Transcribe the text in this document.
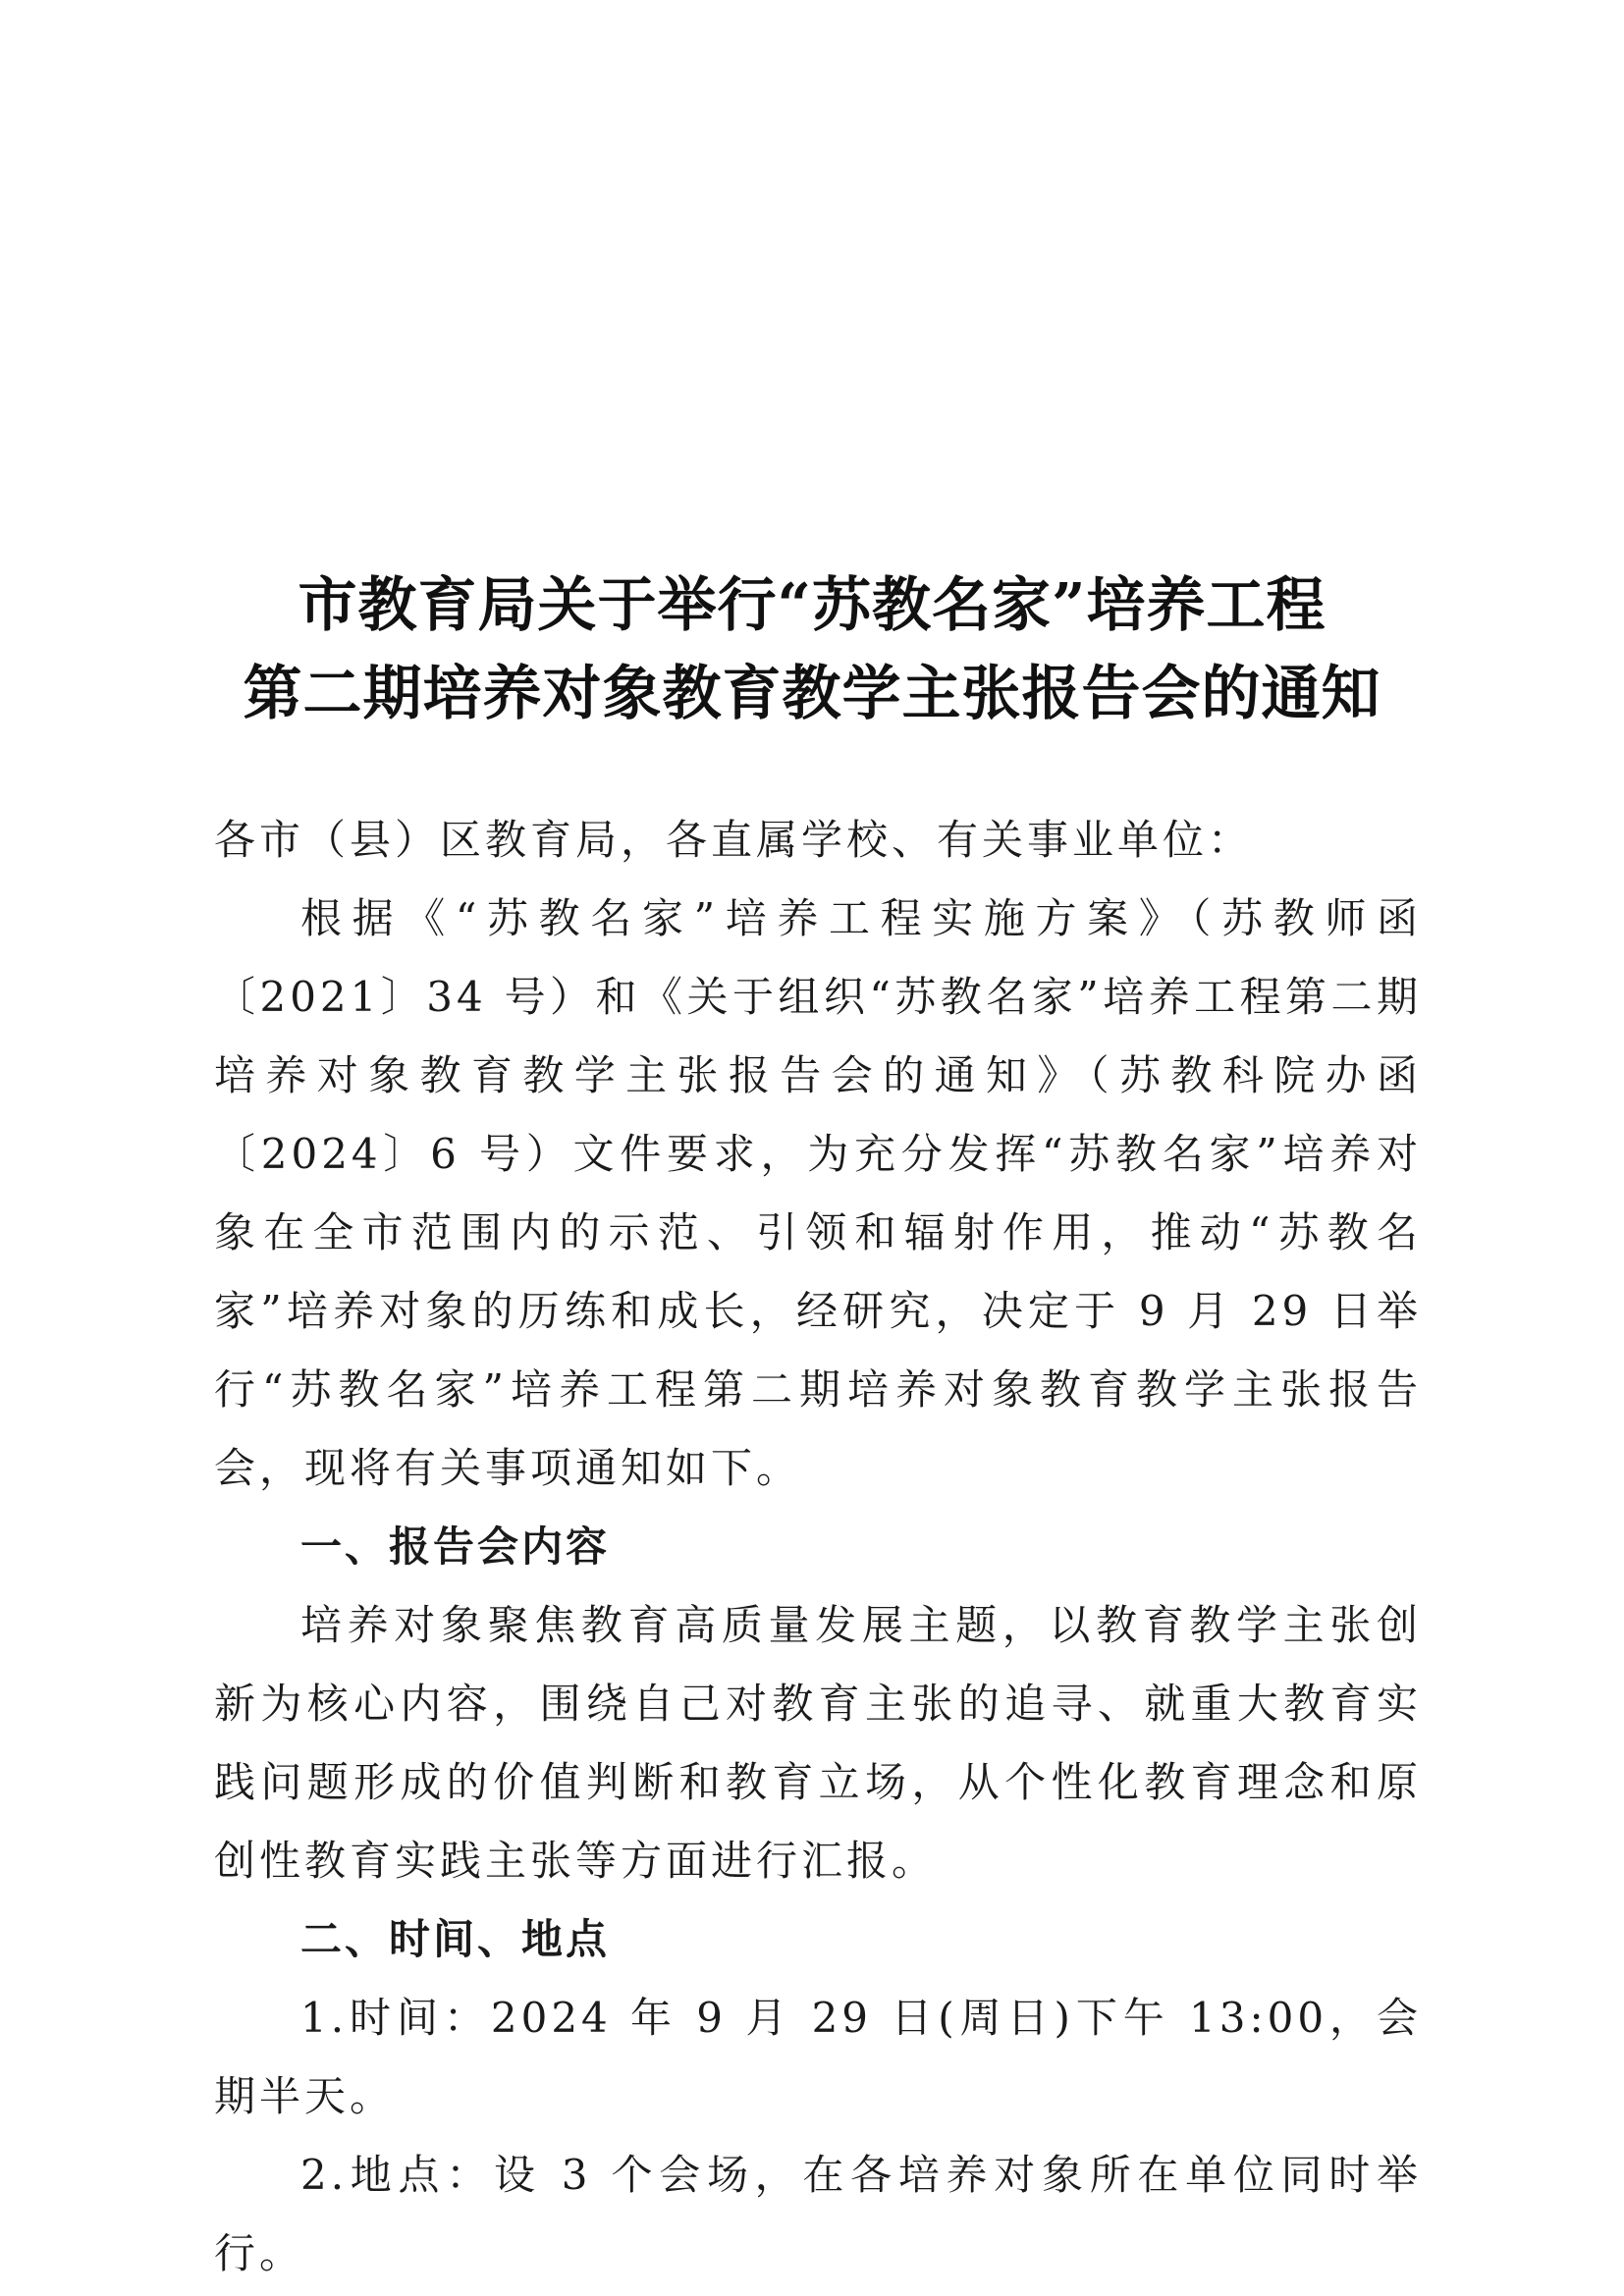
市教育局关于举行“苏教名家”培养工程
第二期培养对象教育教学主张报告会的通知

各市（县）区教育局，各直属学校、有关事业单位：

根据《“苏教名家”培养工程实施方案》（苏教师函〔2021〕34 号）和《关于组织“苏教名家”培养工程第二期培养对象教育教学主张报告会的通知》（苏教科院办函〔2024〕6 号）文件要求，为充分发挥“苏教名家”培养对象在全市范围内的示范、引领和辐射作用，推动“苏教名家”培养对象的历练和成长，经研究，决定于 9 月 29 日举行“苏教名家”培养工程第二期培养对象教育教学主张报告会，现将有关事项通知如下。

一、报告会内容

培养对象聚焦教育高质量发展主题，以教育教学主张创新为核心内容，围绕自己对教育主张的追寻、就重大教育实践问题形成的价值判断和教育立场，从个性化教育理念和原创性教育实践主张等方面进行汇报。

二、时间、地点

1.时间：2024 年 9 月 29 日(周日)下午 13:00，会期半天。

2.地点：设 3 个会场，在各培养对象所在单位同时举行。
